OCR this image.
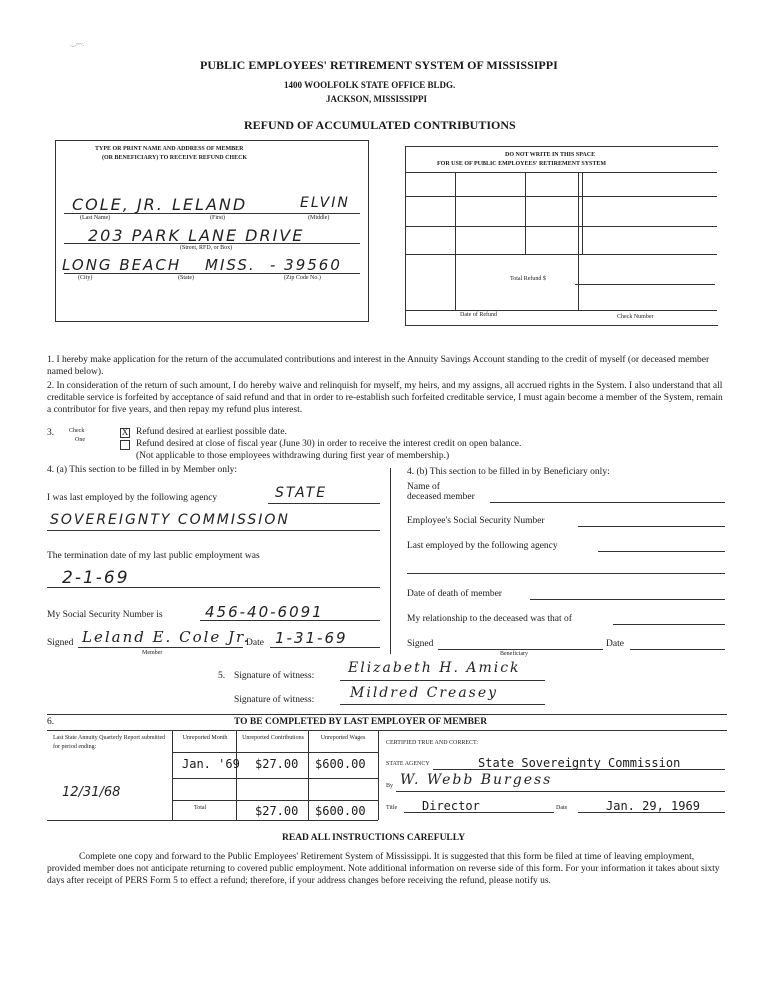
._.~~.
PUBLIC EMPLOYEES' RETIREMENT SYSTEM OF MISSISSIPPI
1400 WOOLFOLK STATE OFFICE BLDG.
JACKSON, MISSISSIPPI
REFUND OF ACCUMULATED CONTRIBUTIONS
TYPE OR PRINT NAME AND ADDRESS OF MEMBER
(OR BENEFICIARY) TO RECEIVE REFUND CHECK
COLE, JR. LELAND	ELVIN
(Last Name)	(First)	(Middle)
203 PARK LANE DRIVE
(Street, RFD, or Box)
LONG BEACH MISS. - 39560
(City)	(State)	(Zip Code No.)
DO NOT WRITE IN THIS SPACE
FOR USE OF PUBLIC EMPLOYEES' RETIREMENT SYSTEM
Total Refund $
Date of Refund	Check Number
1. I hereby make application for the return of the accumulated contributions and interest in the Annuity Savings Account standing to the credit of myself (or deceased member named below).
2. In consideration of the return of such amount, I do hereby waive and relinquish for myself, my heirs, and my assigns, all accrued rights in the System. I also understand that all creditable service is forfeited by acceptance of said refund and that in order to re-establish such forfeited creditable service, I must again become a member of the System, remain a contributor for five years, and then repay my refund plus interest.
3. Check
One
X Refund desired at earliest possible date.
Refund desired at close of fiscal year (June 30) in order to receive the interest credit on open balance.
(Not applicable to those employees withdrawing during first year of membership.)
4. (a) This section to be filled in by Member only:
I was last employed by the following agency	STATE
SOVEREIGNTY COMMISSION
The termination date of my last public employment was
2-1-69
My Social Security Number is	456-40-6091
Signed Leland E. Cole Jr.
Member
Date 1-31-69
4. (b) This section to be filled in by Beneficiary only:
Name of
deceased member
Employee's Social Security Number
Last employed by the following agency
Date of death of member
My relationship to the deceased was that of
Signed
Beneficiary
Date
5. Signature of witness: Elizabeth H. Amick
Signature of witness:	Mildred Creasey
6.	TO BE COMPLETED BY LAST EMPLOYER OF MEMBER
Last State Annuity Quarterly Report submitted for period ending:
12/31/68
Unreported Month	Unreported Contributions	Unreported Wages
Jan. '69 $27.00 $600.00
Total	$27.00 $600.00
CERTIFIED TRUE AND CORRECT:
STATE AGENCY	State Sovereignty Commission
By W. Webb Burgess
Title Director	Date	Jan. 29, 1969
READ ALL INSTRUCTIONS CAREFULLY
Complete one copy and forward to the Public Employees' Retirement System of Mississippi. It is suggested that this form be filed at time of leaving employment, provided member does not anticipate returning to covered public employment. Note additional information on reverse side of this form. For your information it takes about sixty days after receipt of PERS Form 5 to effect a refund; therefore, if your address changes before receiving the refund, please notify us.
